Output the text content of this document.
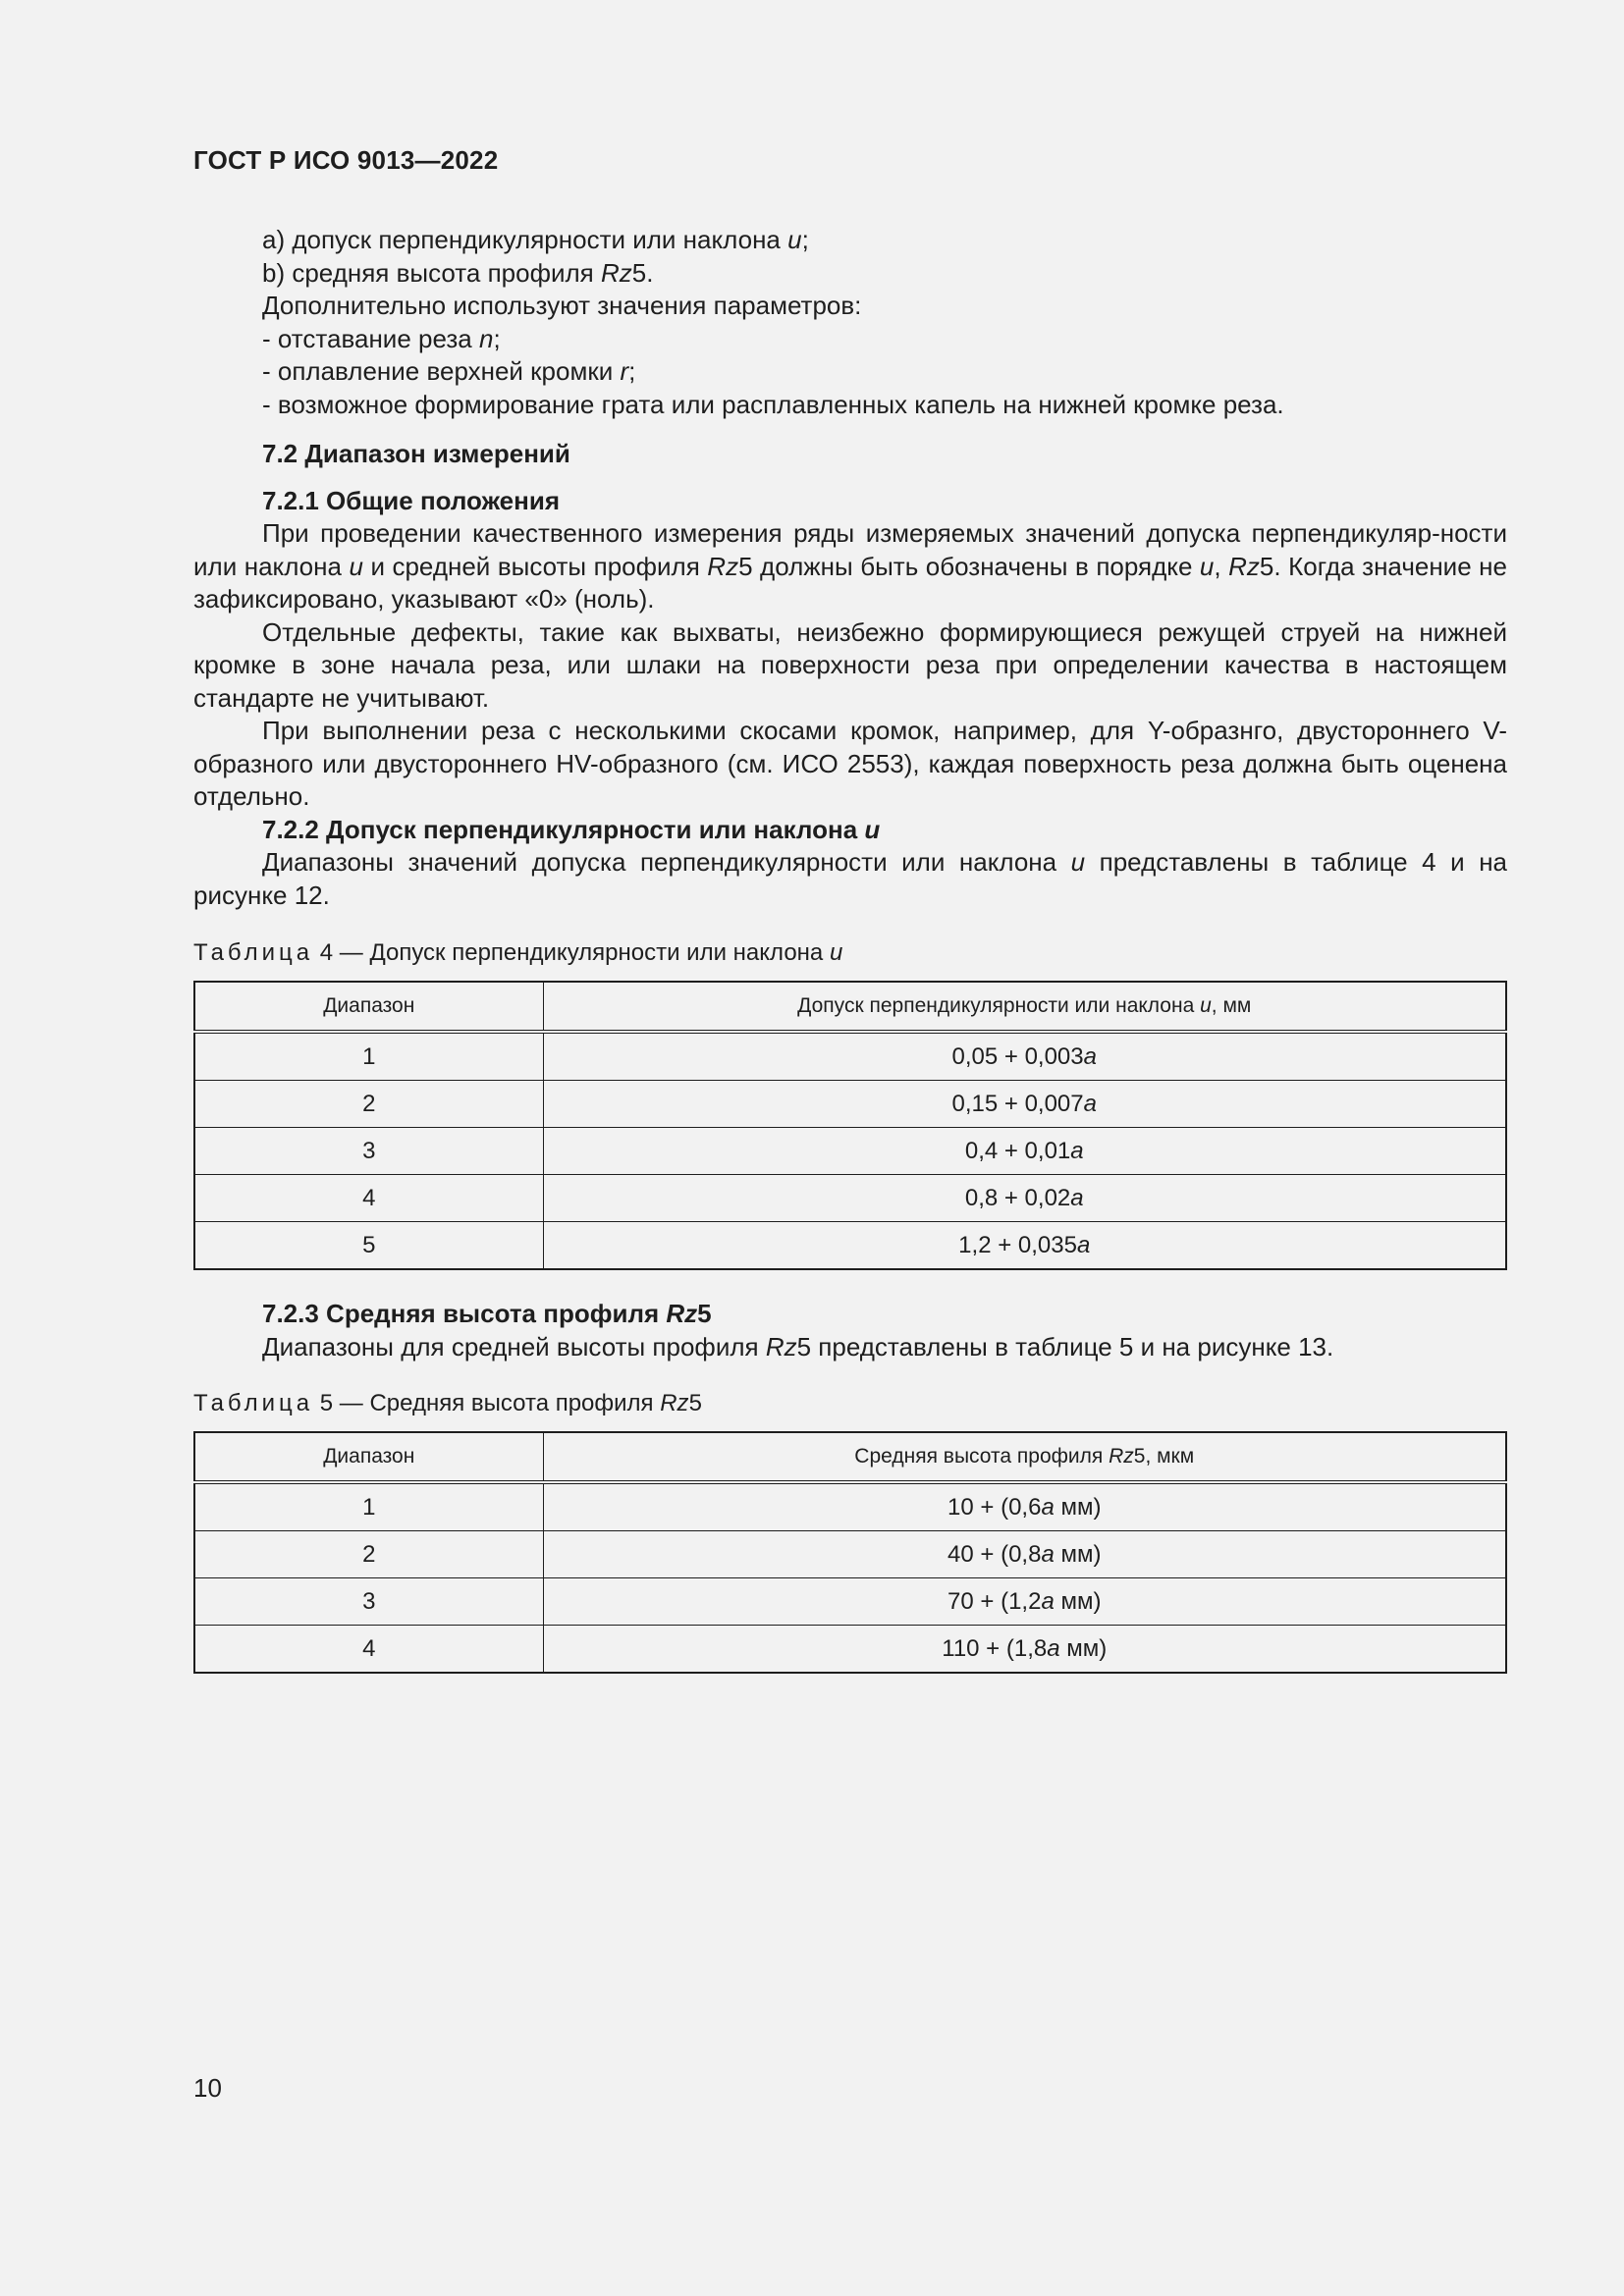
ГОСТ Р ИСО 9013—2022
а) допуск перпендикулярности или наклона u;
b) средняя высота профиля Rz5.
Дополнительно используют значения параметров:
- отставание реза n;
- оплавление верхней кромки r;
- возможное формирование грата или расплавленных капель на нижней кромке реза.
7.2 Диапазон измерений
7.2.1 Общие положения

При проведении качественного измерения ряды измеряемых значений допуска перпендикуляр-ности или наклона u и средней высоты профиля Rz5 должны быть обозначены в порядке u, Rz5. Когда значение не зафиксировано, указывают «0» (ноль).

Отдельные дефекты, такие как выхваты, неизбежно формирующиеся режущей струей на нижней кромке в зоне начала реза, или шлаки на поверхности реза при определении качества в настоящем стандарте не учитывают.

При выполнении реза с несколькими скосами кромок, например, для Y-образнго, двустороннего V-образного или двустороннего HV-образного (см. ИСО 2553), каждая поверхность реза должна быть оценена отдельно.

7.2.2 Допуск перпендикулярности или наклона u

Диапазоны значений допуска перпендикулярности или наклона u представлены в таблице 4 и на рисунке 12.

Таблица 4 — Допуск перпендикулярности или наклона u
Диапазон	Допуск перпендикулярности или наклона u, мм
1	0,05 + 0,003a
2	0,15 + 0,007a
3	0,4 + 0,01a
4	0,8 + 0,02a
5	1,2 + 0,035a
7.2.3 Средняя высота профиля Rz5

Диапазоны для средней высоты профиля Rz5 представлены в таблице 5 и на рисунке 13.

Таблица 5 — Средняя высота профиля Rz5
Диапазон	Средняя высота профиля Rz5, мкм
1	10 + (0,6a мм)
2	40 + (0,8a мм)
3	70 + (1,2a мм)
4	110 + (1,8a мм)
10
